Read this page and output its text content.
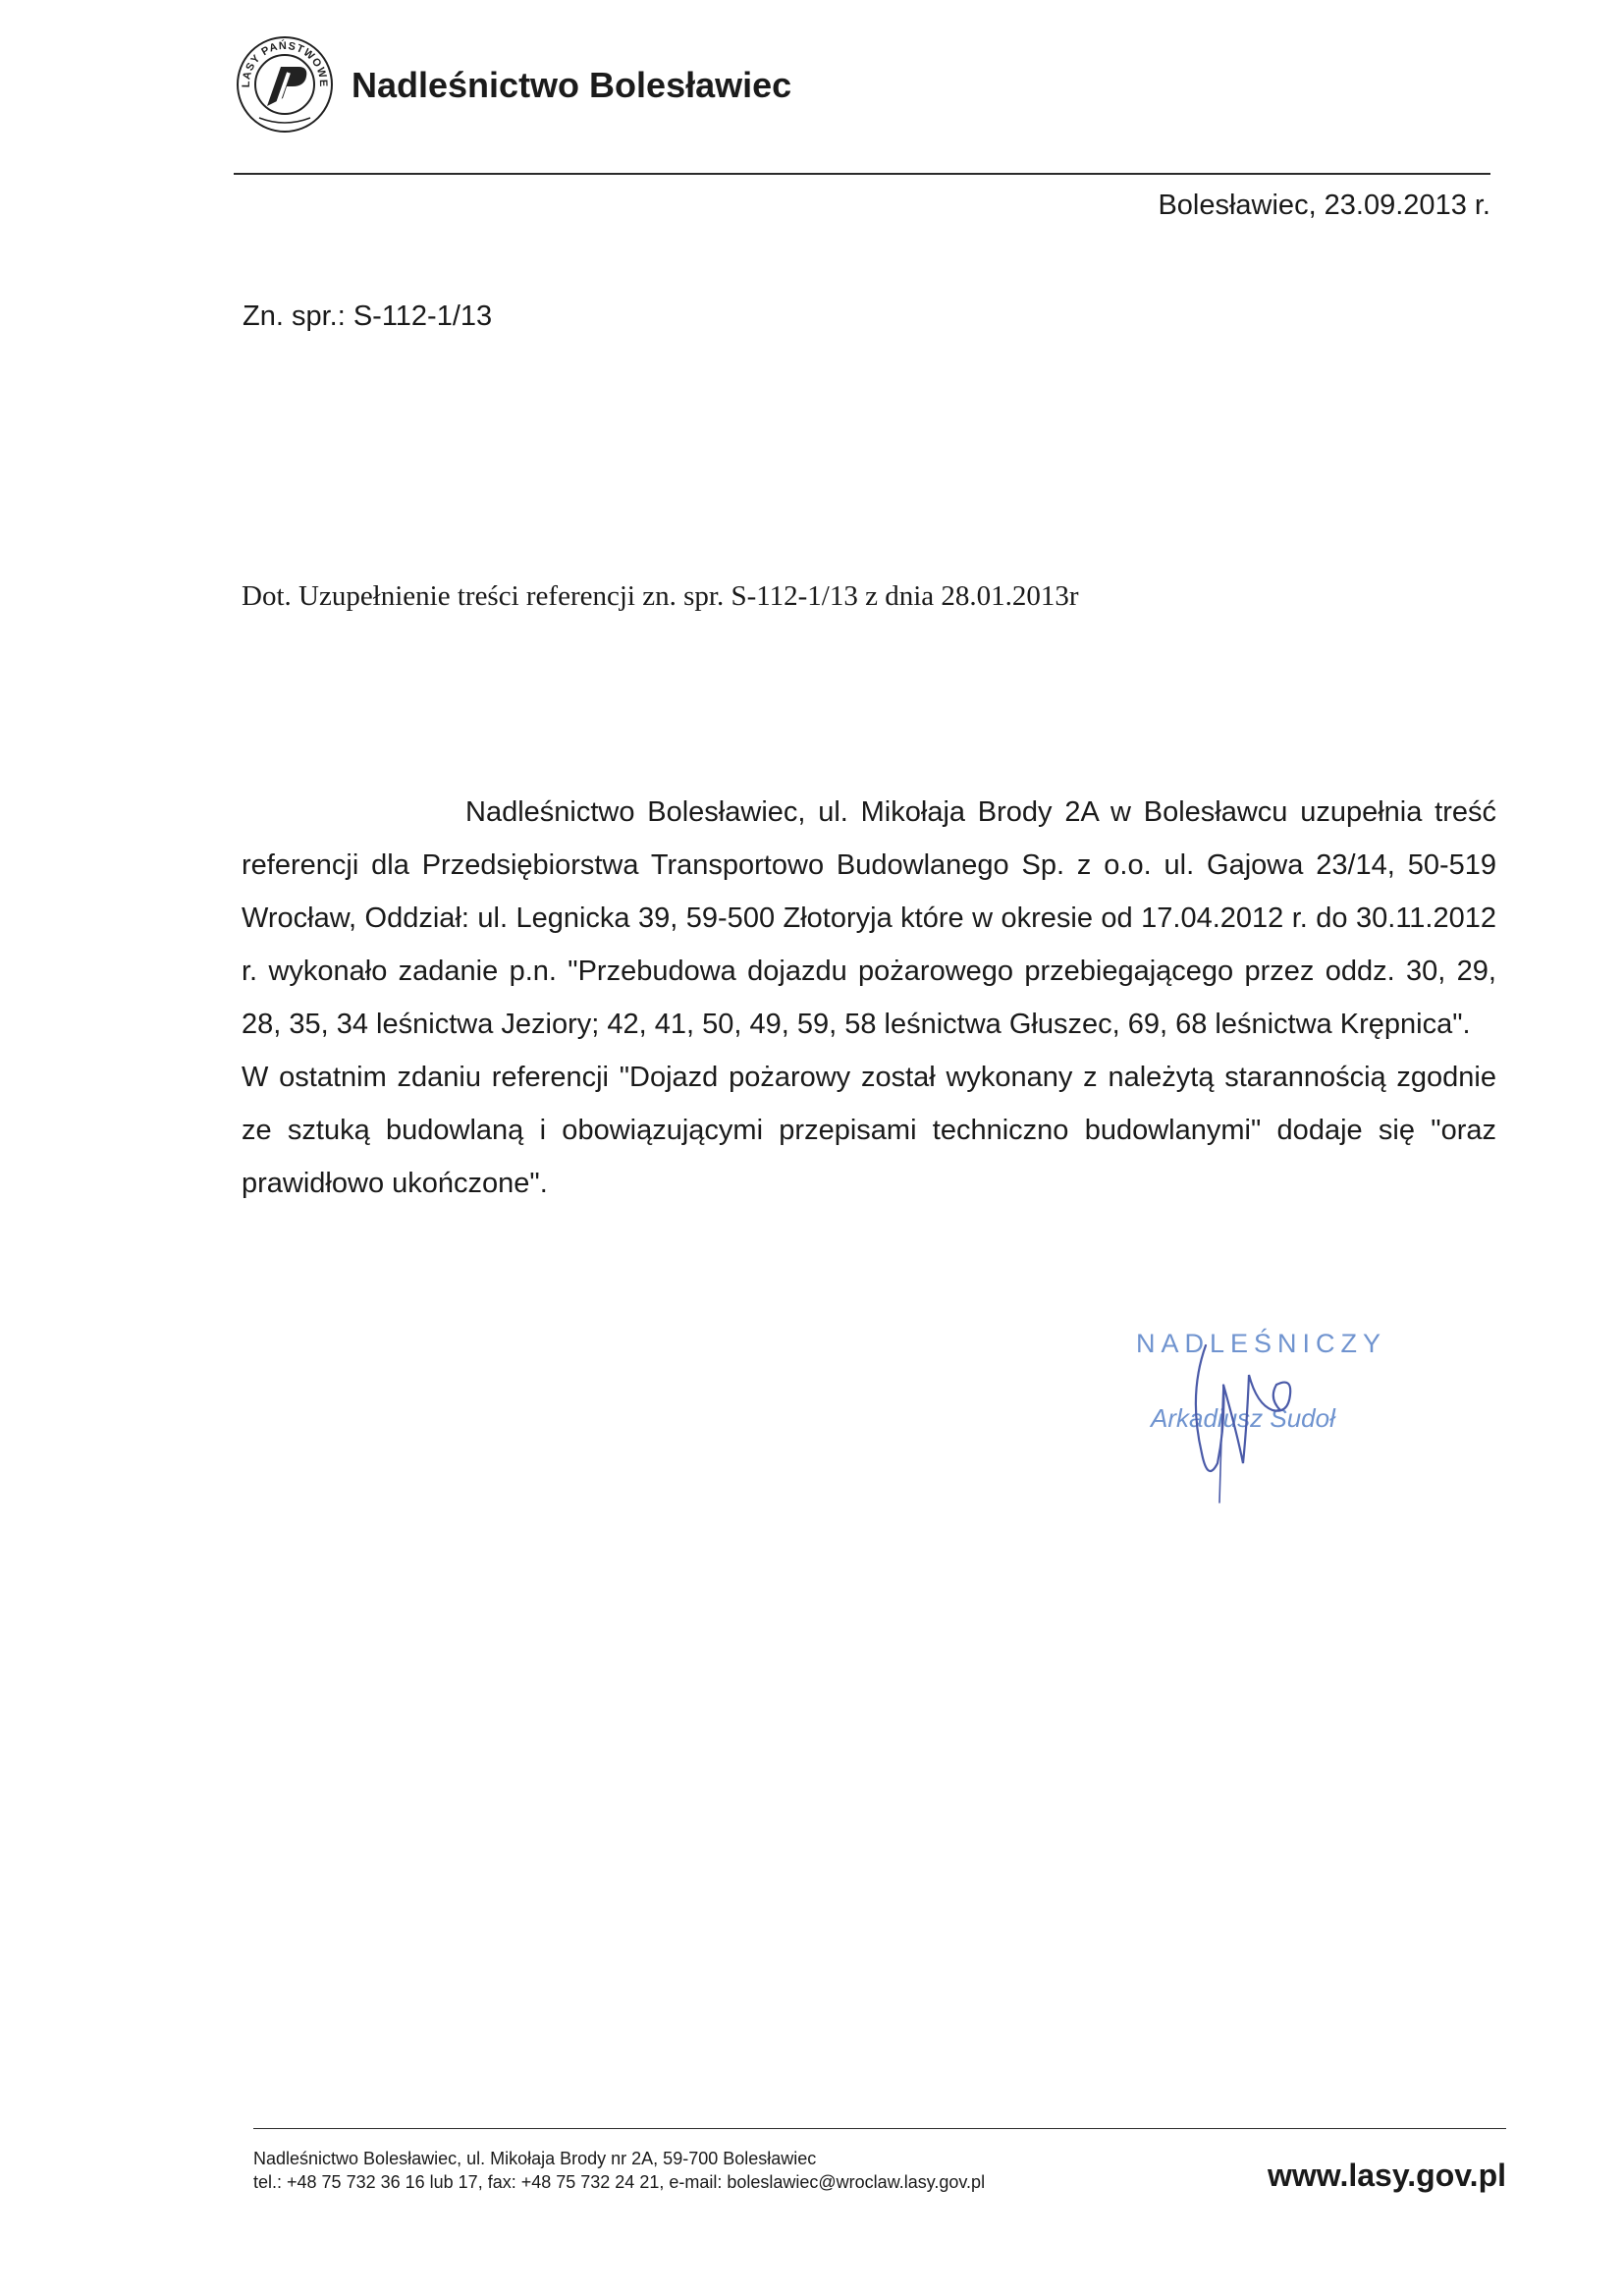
LASY PAŃSTWOWE Nadleśnictwo Bolesławiec
Bolesławiec, 23.09.2013 r.
Zn. spr.: S-112-1/13
Dot. Uzupełnienie treści referencji zn. spr. S-112-1/13 z dnia 28.01.2013r

Nadleśnictwo Bolesławiec, ul. Mikołaja Brody 2A w Bolesławcu uzupełnia treść referencji dla Przedsiębiorstwa Transportowo Budowlanego Sp. z o.o. ul. Gajowa 23/14, 50-519 Wrocław, Oddział: ul. Legnicka 39, 59-500 Złotoryja które w okresie od 17.04.2012 r. do 30.11.2012 r. wykonało zadanie p.n. "Przebudowa dojazdu pożarowego przebiegającego przez oddz. 30, 29, 28, 35, 34 leśnictwa Jeziory; 42, 41, 50, 49, 59, 58 leśnictwa Głuszec, 69, 68 leśnictwa Krępnica".

W ostatnim zdaniu referencji "Dojazd pożarowy został wykonany z należytą starannością zgodnie ze sztuką budowlaną i obowiązującymi przepisami techniczno budowlanymi" dodaje się "oraz prawidłowo ukończone".

NADLEŚNICZY
Arkadiusz Sudoł
Nadleśnictwo Bolesławiec, ul. Mikołaja Brody nr 2A, 59-700 Bolesławiec
tel.: +48 75 732 36 16 lub 17, fax: +48 75 732 24 21, e-mail: boleslawiec@wroclaw.lasy.gov.pl	www.lasy.gov.pl
